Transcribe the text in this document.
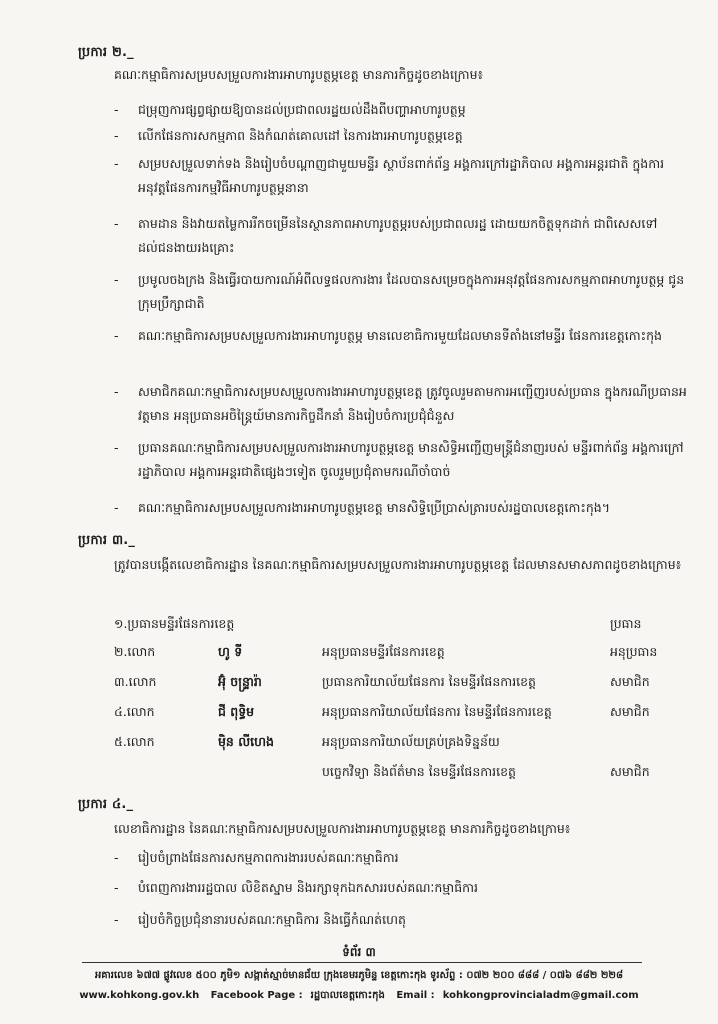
ប្រការ ២._
គណៈកម្មាធិការសម្របសម្រួលការងារអាហារូបត្ថម្ភខេត្ត មានភារកិច្ចដូចខាងក្រោម៖
-	ជម្រុញការផ្សព្វផ្សាយឱ្យបានដល់ប្រជាពលរដ្ឋយល់ដឹងពីបញ្ហាអាហារូបត្ថម្ភ
-	លើកផែនការសកម្មភាព និងកំណត់គោលដៅ នៃការងារអាហារូបត្ថម្ភខេត្ត
-	សម្របសម្រួលទាក់ទង និងរៀបចំបណ្តាញជាមួយមន្ទីរ ស្ថាប័នពាក់ព័ន្ធ អង្គការក្រៅរដ្ឋាភិបាល អង្គការអន្តរជាតិ ក្នុងការអនុវត្តផែនការកម្មវិធីអាហារូបត្ថម្ភនានា
-	តាមដាន និងវាយតម្លៃការរីកចម្រើននៃស្ថានភាពអាហារូបត្ថម្ភរបស់ប្រជាពលរដ្ឋ ដោយយកចិត្តទុកដាក់ ជាពិសេសទៅដល់ជនងាយរងគ្រោះ
-	ប្រមូលចងក្រង និងធ្វើរបាយការណ៍អំពីលទ្ធផលការងារ ដែលបានសម្រេចក្នុងការអនុវត្តផែនការសកម្មភាពអាហារូបត្ថម្ភ ជូនក្រុមប្រឹក្សាជាតិ
-	គណៈកម្មាធិការសម្របសម្រួលការងារអាហារូបត្ថម្ភ មានលេខាធិការមួយដែលមានទីតាំងនៅមន្ទីរ ផែនការខេត្តកោះកុង
-	សមាជិកគណៈកម្មាធិការសម្របសម្រួលការងារអាហារូបត្ថម្ភខេត្ត ត្រូវចូលរួមតាមការអញ្ជើញរបស់ប្រធាន ក្នុងករណីប្រធានអវត្តមាន អនុប្រធានអចិន្ត្រៃយ៍មានភារកិច្ចដឹកនាំ និងរៀបចំការប្រជុំជំនួស
-	ប្រធានគណៈកម្មាធិការសម្របសម្រួលការងារអាហារូបត្ថម្ភខេត្ត មានសិទ្ធិអញ្ជើញមន្ត្រីជំនាញរបស់ មន្ទីរពាក់ព័ន្ធ អង្គការក្រៅរដ្ឋាភិបាល អង្គការអន្តរជាតិផ្សេងៗទៀត ចូលរួមប្រជុំតាមករណីចាំបាច់
-	គណៈកម្មាធិការសម្របសម្រួលការងារអាហារូបត្ថម្ភខេត្ត មានសិទ្ធិប្រើប្រាស់ត្រារបស់រដ្ឋបាលខេត្តកោះកុង។
ប្រការ ៣._
ត្រូវបានបង្កើតលេខាធិការដ្ឋាន នៃគណៈកម្មាធិការសម្របសម្រួលការងារអាហារូបត្ថម្ភខេត្ត ដែលមានសមាសភាពដូចខាងក្រោម៖
១.ប្រធានមន្ទីរផែនការខេត្ត	ប្រធាន
២.លោក	ហូ ទី	អនុប្រធានមន្ទីរផែនការខេត្ត	អនុប្រធាន
៣.លោក	អ៊ុំ ចន្ទ្រារ៉ា	ប្រធានការិយាល័យផែនការ នៃមន្ទីរផែនការខេត្ត	សមាជិក
៤.លោក	ជី ពុទ្ធិម	អនុប្រធានការិយាល័យផែនការ នៃមន្ទីរផែនការខេត្ត	សមាជិក
៥.លោក	ម៉ិន លីហេង	អនុប្រធានការិយាល័យគ្រប់គ្រងទិន្នន័យ
បច្ចេកវិទ្យា និងព័ត៌មាន នៃមន្ទីរផែនការខេត្ត	សមាជិក
ប្រការ ៤._
លេខាធិការដ្ឋាន នៃគណៈកម្មាធិការសម្របសម្រួលការងារអាហារូបត្ថម្ភខេត្ត មានភារកិច្ចដូចខាងក្រោម៖
-	រៀបចំព្រាងផែនការសកម្មភាពការងាររបស់គណៈកម្មាធិការ
-	បំពេញការងាររដ្ឋបាល លិខិតស្នាម និងរក្សាទុកឯកសាររបស់គណៈកម្មាធិការ
-	រៀបចំកិច្ចប្រជុំនានារបស់គណៈកម្មាធិការ និងធ្វើកំណត់ហេតុ
ទំព័រ ៣
អគារលេខ ៦៧៧ ផ្លូវលេខ ៥០០ ភូមិ១ សង្កាត់ស្មាច់មានជ័យ ក្រុងខេមរភូមិន្ទ ខេត្តកោះកុង ទូរស័ព្ទ : ០៧២ ២០០ ៨៨៨ / ០៧៦ ៨៨២ ២២៨
www.kohkong.gov.kh Facebook Page : រដ្ឋបាលខេត្តកោះកុង Email : kohkongprovincialadm@gmail.com
